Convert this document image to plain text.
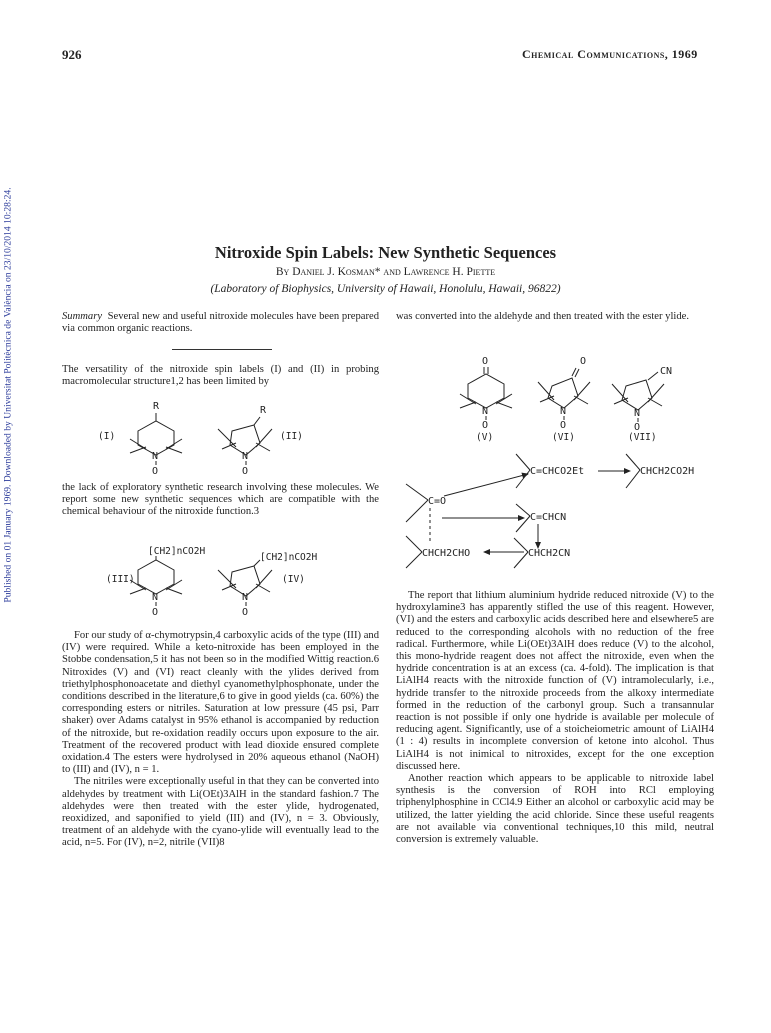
Published on 01 January 1969. Downloaded by Universitat Politècnica de València on 23/10/2014 10:28:24.
926	Chemical Communications, 1969
Nitroxide Spin Labels: New Synthetic Sequences
By Daniel J. Kosman* and Lawrence H. Piette
(Laboratory of Biophysics, University of Hawaii, Honolulu, Hawaii, 96822)
Summary Several new and useful nitroxide molecules have been prepared via common organic reactions.

The versatility of the nitroxide spin labels (I) and (II) in probing macromolecular structure1,2 has been limited by

(I)
R
N
O
R
N
O
(II)

the lack of exploratory synthetic research involving these molecules. We report some new synthetic sequences which are compatible with the chemical behaviour of the nitroxide function.3

[CH2]nCO2H
(III)
N
O
[CH2]nCO2H
N
O
(IV)

For our study of α-chymotrypsin,4 carboxylic acids of the type (III) and (IV) were required. While a keto-nitroxide has been employed in the Stobbe condensation,5 it has not been so in the modified Wittig reaction.6 Nitroxides (V) and (VI) react cleanly with the ylides derived from triethylphosphonoacetate and diethyl cyanomethylphosphonate, under the conditions described in the literature,6 to give in good yields (ca. 60%) the corresponding esters or nitriles. Saturation at low pressure (45 psi, Parr shaker) over Adams catalyst in 95% ethanol is accompanied by reduction of the nitroxide, but re-oxidation readily occurs upon exposure to the air. Treatment of the recovered product with lead dioxide ensured complete oxidation.4 The esters were hydrolysed in 20% aqueous ethanol (NaOH) to (III) and (IV), n = 1.

The nitriles were exceptionally useful in that they can be converted into aldehydes by treatment with Li(OEt)3AlH in the standard fashion.7 The aldehydes were then treated with the ester ylide, hydrogenated, reoxidized, and saponified to yield (III) and (IV), n = 3. Obviously, treatment of an aldehyde with the cyano-ylide will eventually lead to the acid, n=5. For (IV), n=2, nitrile (VII)8

was converted into the aldehyde and then treated with the ester ylide.

O
N
O
(V)
O
N
O
(VI)
CN
N
O
(VII)
C=CHCO2Et	CHCH2CO2H
C=O
C=CHCN
CHCH2CHO	CHCH2CN

The report that lithium aluminium hydride reduced nitroxide (V) to the hydroxylamine3 has apparently stifled the use of this reagent. However, (VI) and the esters and carboxylic acids described here and elsewhere5 are reduced to the corresponding alcohols with no reduction of the free radical. Furthermore, while Li(OEt)3AlH does reduce (V) to the alcohol, this mono-hydride reagent does not affect the nitroxide, even when the hydride concentration is at an excess (ca. 4-fold). The implication is that LiAlH4 reacts with the nitroxide function of (V) intramolecularly, i.e., hydride transfer to the nitroxide proceeds from the alkoxy intermediate formed in the reduction of the carbonyl group. Such a transannular reaction is not possible if only one hydride is available per molecule of reducing agent. Significantly, use of a stoicheiometric amount of LiAlH4 (1 : 4) results in incomplete conversion of ketone into alcohol. Thus LiAlH4 is not inimical to nitroxides, except for the one exception discussed here.

Another reaction which appears to be applicable to nitroxide label synthesis is the conversion of ROH into RCl employing triphenylphosphine in CCl4.9 Either an alcohol or carboxylic acid may be utilized, the latter yielding the acid chloride. Since these useful reagents are not available via conventional techniques,10 this mild, neutral conversion is extremely valuable.
